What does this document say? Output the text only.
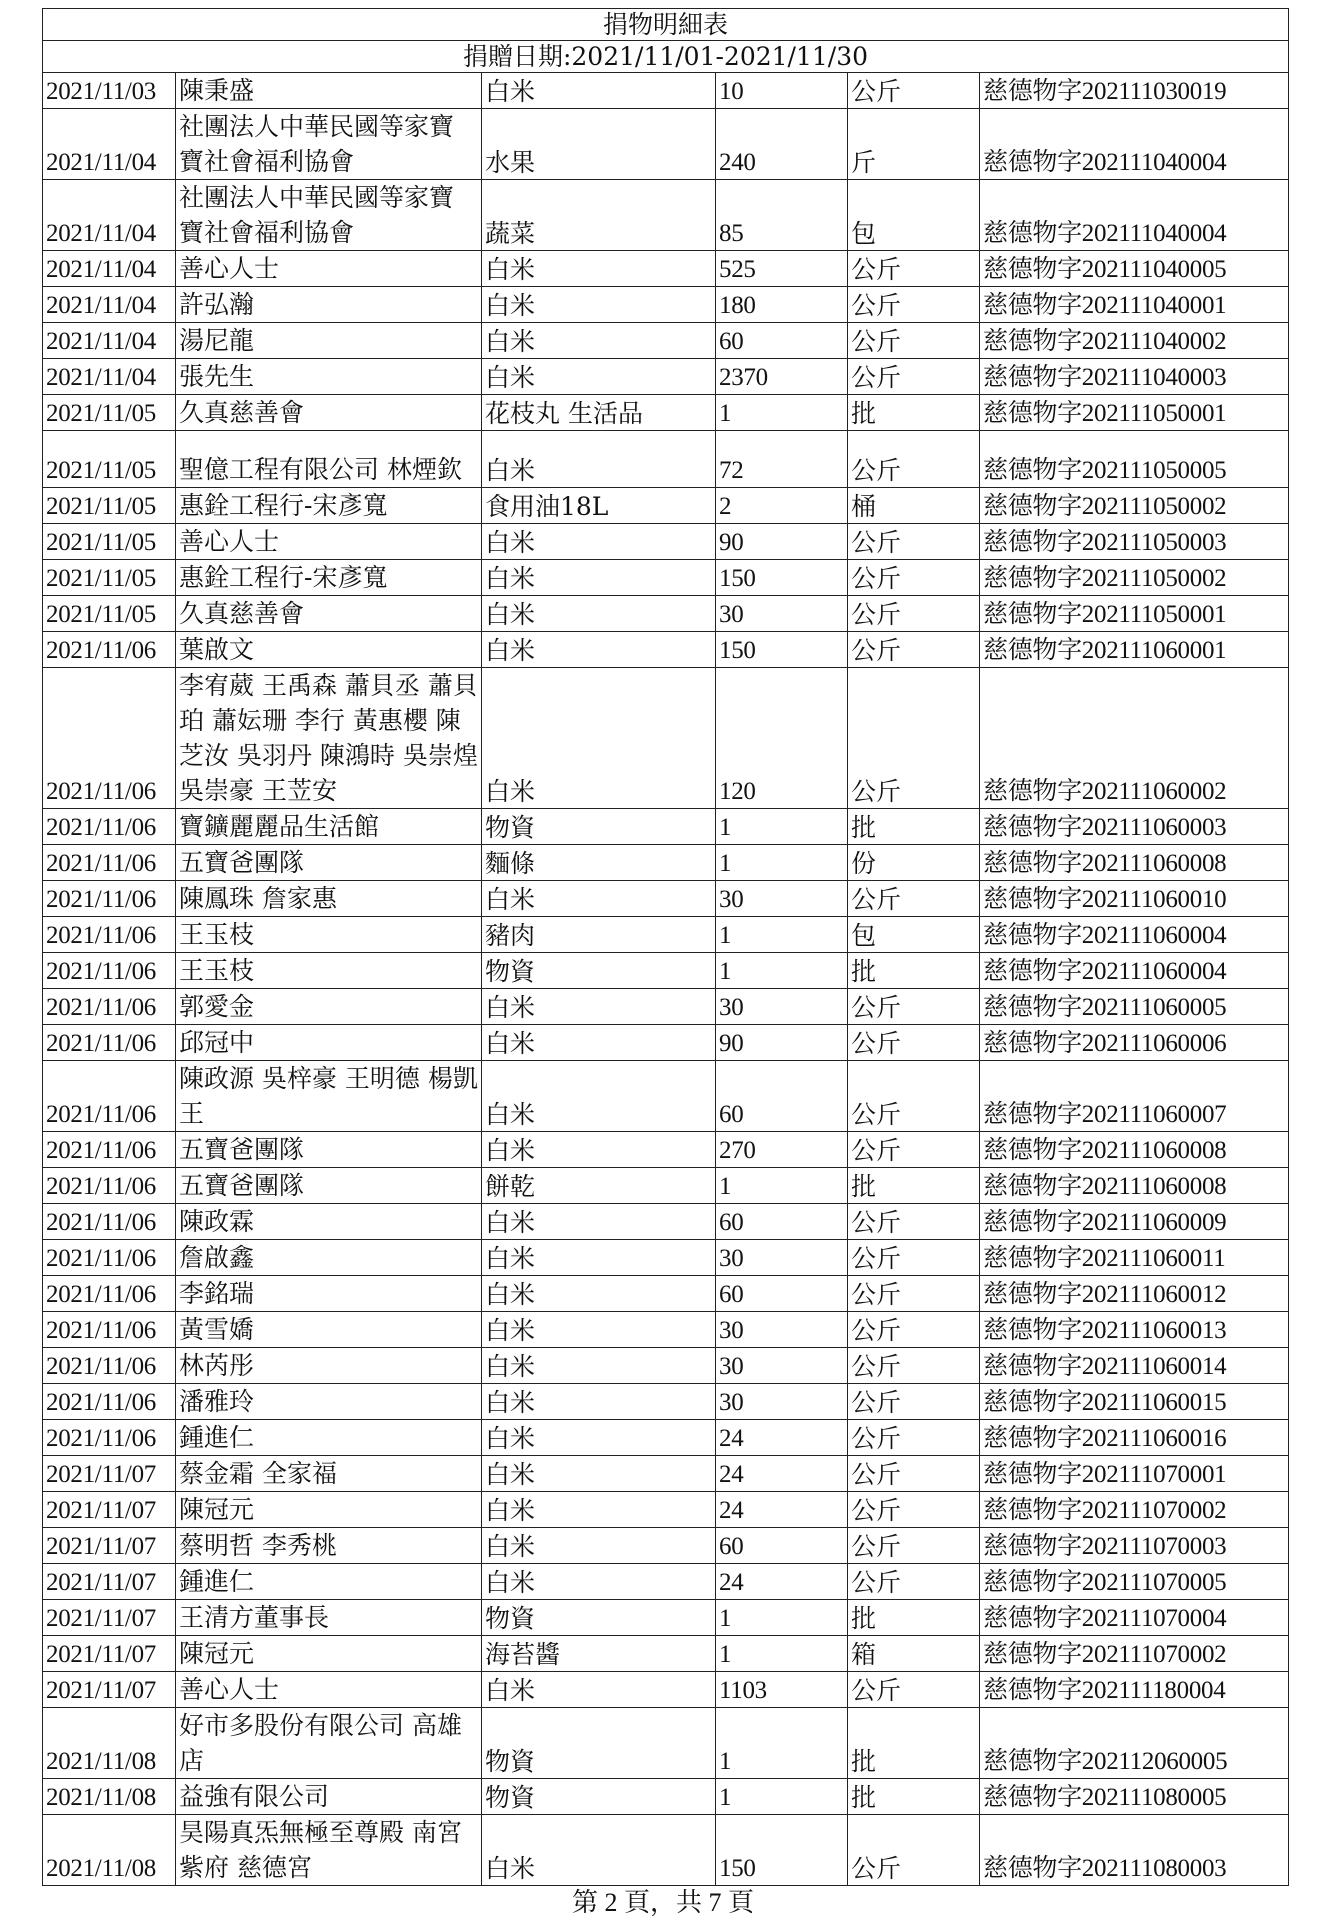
捐物明細表					
捐贈日期:2021/11/01-2021/11/30					
2021/11/03	陳秉盛	白米	10	公斤	慈德物字202111030019
2021/11/04	社團法人中華民國等家寶寶社會福利協會	水果	240	斤	慈德物字202111040004
2021/11/04	社團法人中華民國等家寶寶社會福利協會	蔬菜	85	包	慈德物字202111040004
2021/11/04	善心人士	白米	525	公斤	慈德物字202111040005
2021/11/04	許弘瀚	白米	180	公斤	慈德物字202111040001
2021/11/04	湯尼龍	白米	60	公斤	慈德物字202111040002
2021/11/04	張先生	白米	2370	公斤	慈德物字202111040003
2021/11/05	久真慈善會	花枝丸 生活品	1	批	慈德物字202111050001
2021/11/05	聖億工程有限公司 林煙欽	白米	72	公斤	慈德物字202111050005
2021/11/05	惠銓工程行-宋彥寬	食用油18L	2	桶	慈德物字202111050002
2021/11/05	善心人士	白米	90	公斤	慈德物字202111050003
2021/11/05	惠銓工程行-宋彥寬	白米	150	公斤	慈德物字202111050002
2021/11/05	久真慈善會	白米	30	公斤	慈德物字202111050001
2021/11/06	葉啟文	白米	150	公斤	慈德物字202111060001
2021/11/06	李宥葳 王禹森 蕭貝丞 蕭貝珀 蕭妘珊 李行 黃惠櫻 陳芝汝 吳羽丹 陳鴻時 吳崇煌 吳崇豪 王苙安	白米	120	公斤	慈德物字202111060002
2021/11/06	寶鑛麗麗品生活館	物資	1	批	慈德物字202111060003
2021/11/06	五寶爸團隊	麵條	1	份	慈德物字202111060008
2021/11/06	陳鳳珠 詹家惠	白米	30	公斤	慈德物字202111060010
2021/11/06	王玉枝	豬肉	1	包	慈德物字202111060004
2021/11/06	王玉枝	物資	1	批	慈德物字202111060004
2021/11/06	郭愛金	白米	30	公斤	慈德物字202111060005
2021/11/06	邱冠中	白米	90	公斤	慈德物字202111060006
2021/11/06	陳政源 吳梓豪 王明德 楊凱王	白米	60	公斤	慈德物字202111060007
2021/11/06	五寶爸團隊	白米	270	公斤	慈德物字202111060008
2021/11/06	五寶爸團隊	餅乾	1	批	慈德物字202111060008
2021/11/06	陳政霖	白米	60	公斤	慈德物字202111060009
2021/11/06	詹啟鑫	白米	30	公斤	慈德物字202111060011
2021/11/06	李銘瑞	白米	60	公斤	慈德物字202111060012
2021/11/06	黃雪嬌	白米	30	公斤	慈德物字202111060013
2021/11/06	林芮彤	白米	30	公斤	慈德物字202111060014
2021/11/06	潘雅玲	白米	30	公斤	慈德物字202111060015
2021/11/06	鍾進仁	白米	24	公斤	慈德物字202111060016
2021/11/07	蔡金霜 全家福	白米	24	公斤	慈德物字202111070001
2021/11/07	陳冠元	白米	24	公斤	慈德物字202111070002
2021/11/07	蔡明哲 李秀桃	白米	60	公斤	慈德物字202111070003
2021/11/07	鍾進仁	白米	24	公斤	慈德物字202111070005
2021/11/07	王清方董事長	物資	1	批	慈德物字202111070004
2021/11/07	陳冠元	海苔醬	1	箱	慈德物字202111070002
2021/11/07	善心人士	白米	1103	公斤	慈德物字202111180004
2021/11/08	好市多股份有限公司 高雄店	物資	1	批	慈德物字202112060005
2021/11/08	益強有限公司	物資	1	批	慈德物字202111080005
2021/11/08	昊陽真炁無極至尊殿 南宮紫府 慈德宮	白米	150	公斤	慈德物字202111080003
第 2 頁，共 7 頁
